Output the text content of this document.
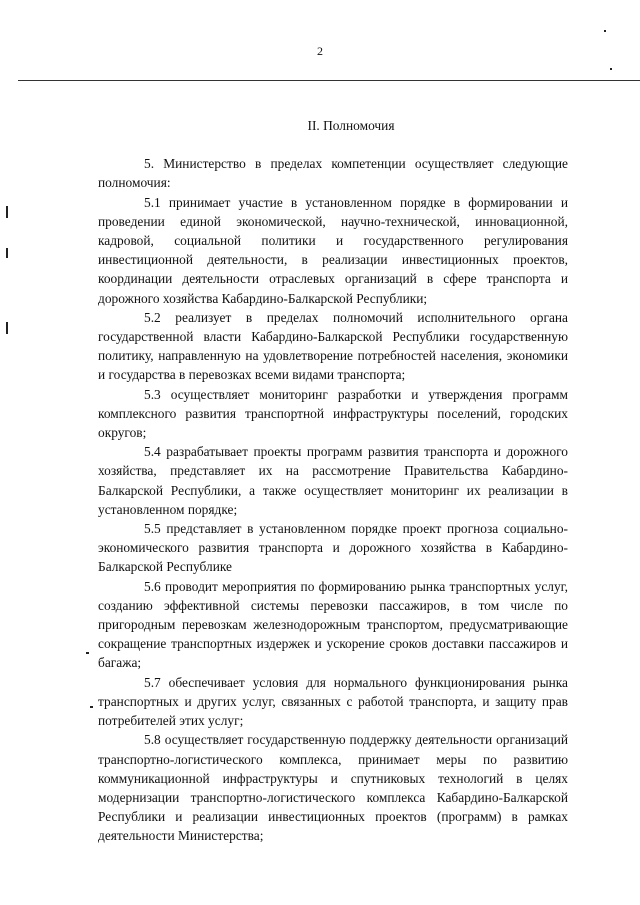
2
II. Полномочия

5. Министерство в пределах компетенции осуществляет следующие полномочия:

5.1 принимает участие в установленном порядке в формировании и проведении единой экономической, научно-технической, инновационной, кадровой, социальной политики и государственного регулирования инвестиционной деятельности, в реализации инвестиционных проектов, координации деятельности отраслевых организаций в сфере транспорта и дорожного хозяйства Кабардино-Балкарской Республики;

5.2 реализует в пределах полномочий исполнительного органа государственной власти Кабардино-Балкарской Республики государственную политику, направленную на удовлетворение потребностей населения, экономики и государства в перевозках всеми видами транспорта;

5.3 осуществляет мониторинг разработки и утверждения программ комплексного развития транспортной инфраструктуры поселений, городских округов;

5.4 разрабатывает проекты программ развития транспорта и дорожного хозяйства, представляет их на рассмотрение Правительства Кабардино-Балкарской Республики, а также осуществляет мониторинг их реализации в установленном порядке;

5.5 представляет в установленном порядке проект прогноза социально-экономического развития транспорта и дорожного хозяйства в Кабардино-Балкарской Республике

5.6 проводит мероприятия по формированию рынка транспортных услуг, созданию эффективной системы перевозки пассажиров, в том числе по пригородным перевозкам железнодорожным транспортом, предусматривающие сокращение транспортных издержек и ускорение сроков доставки пассажиров и багажа;

5.7 обеспечивает условия для нормального функционирования рынка транспортных и других услуг, связанных с работой транспорта, и защиту прав потребителей этих услуг;

5.8 осуществляет государственную поддержку деятельности организаций транспортно-логистического комплекса, принимает меры по развитию коммуникационной инфраструктуры и спутниковых технологий в целях модернизации транспортно-логистического комплекса Кабардино-Балкарской Республики и реализации инвестиционных проектов (программ) в рамках деятельности Министерства;
